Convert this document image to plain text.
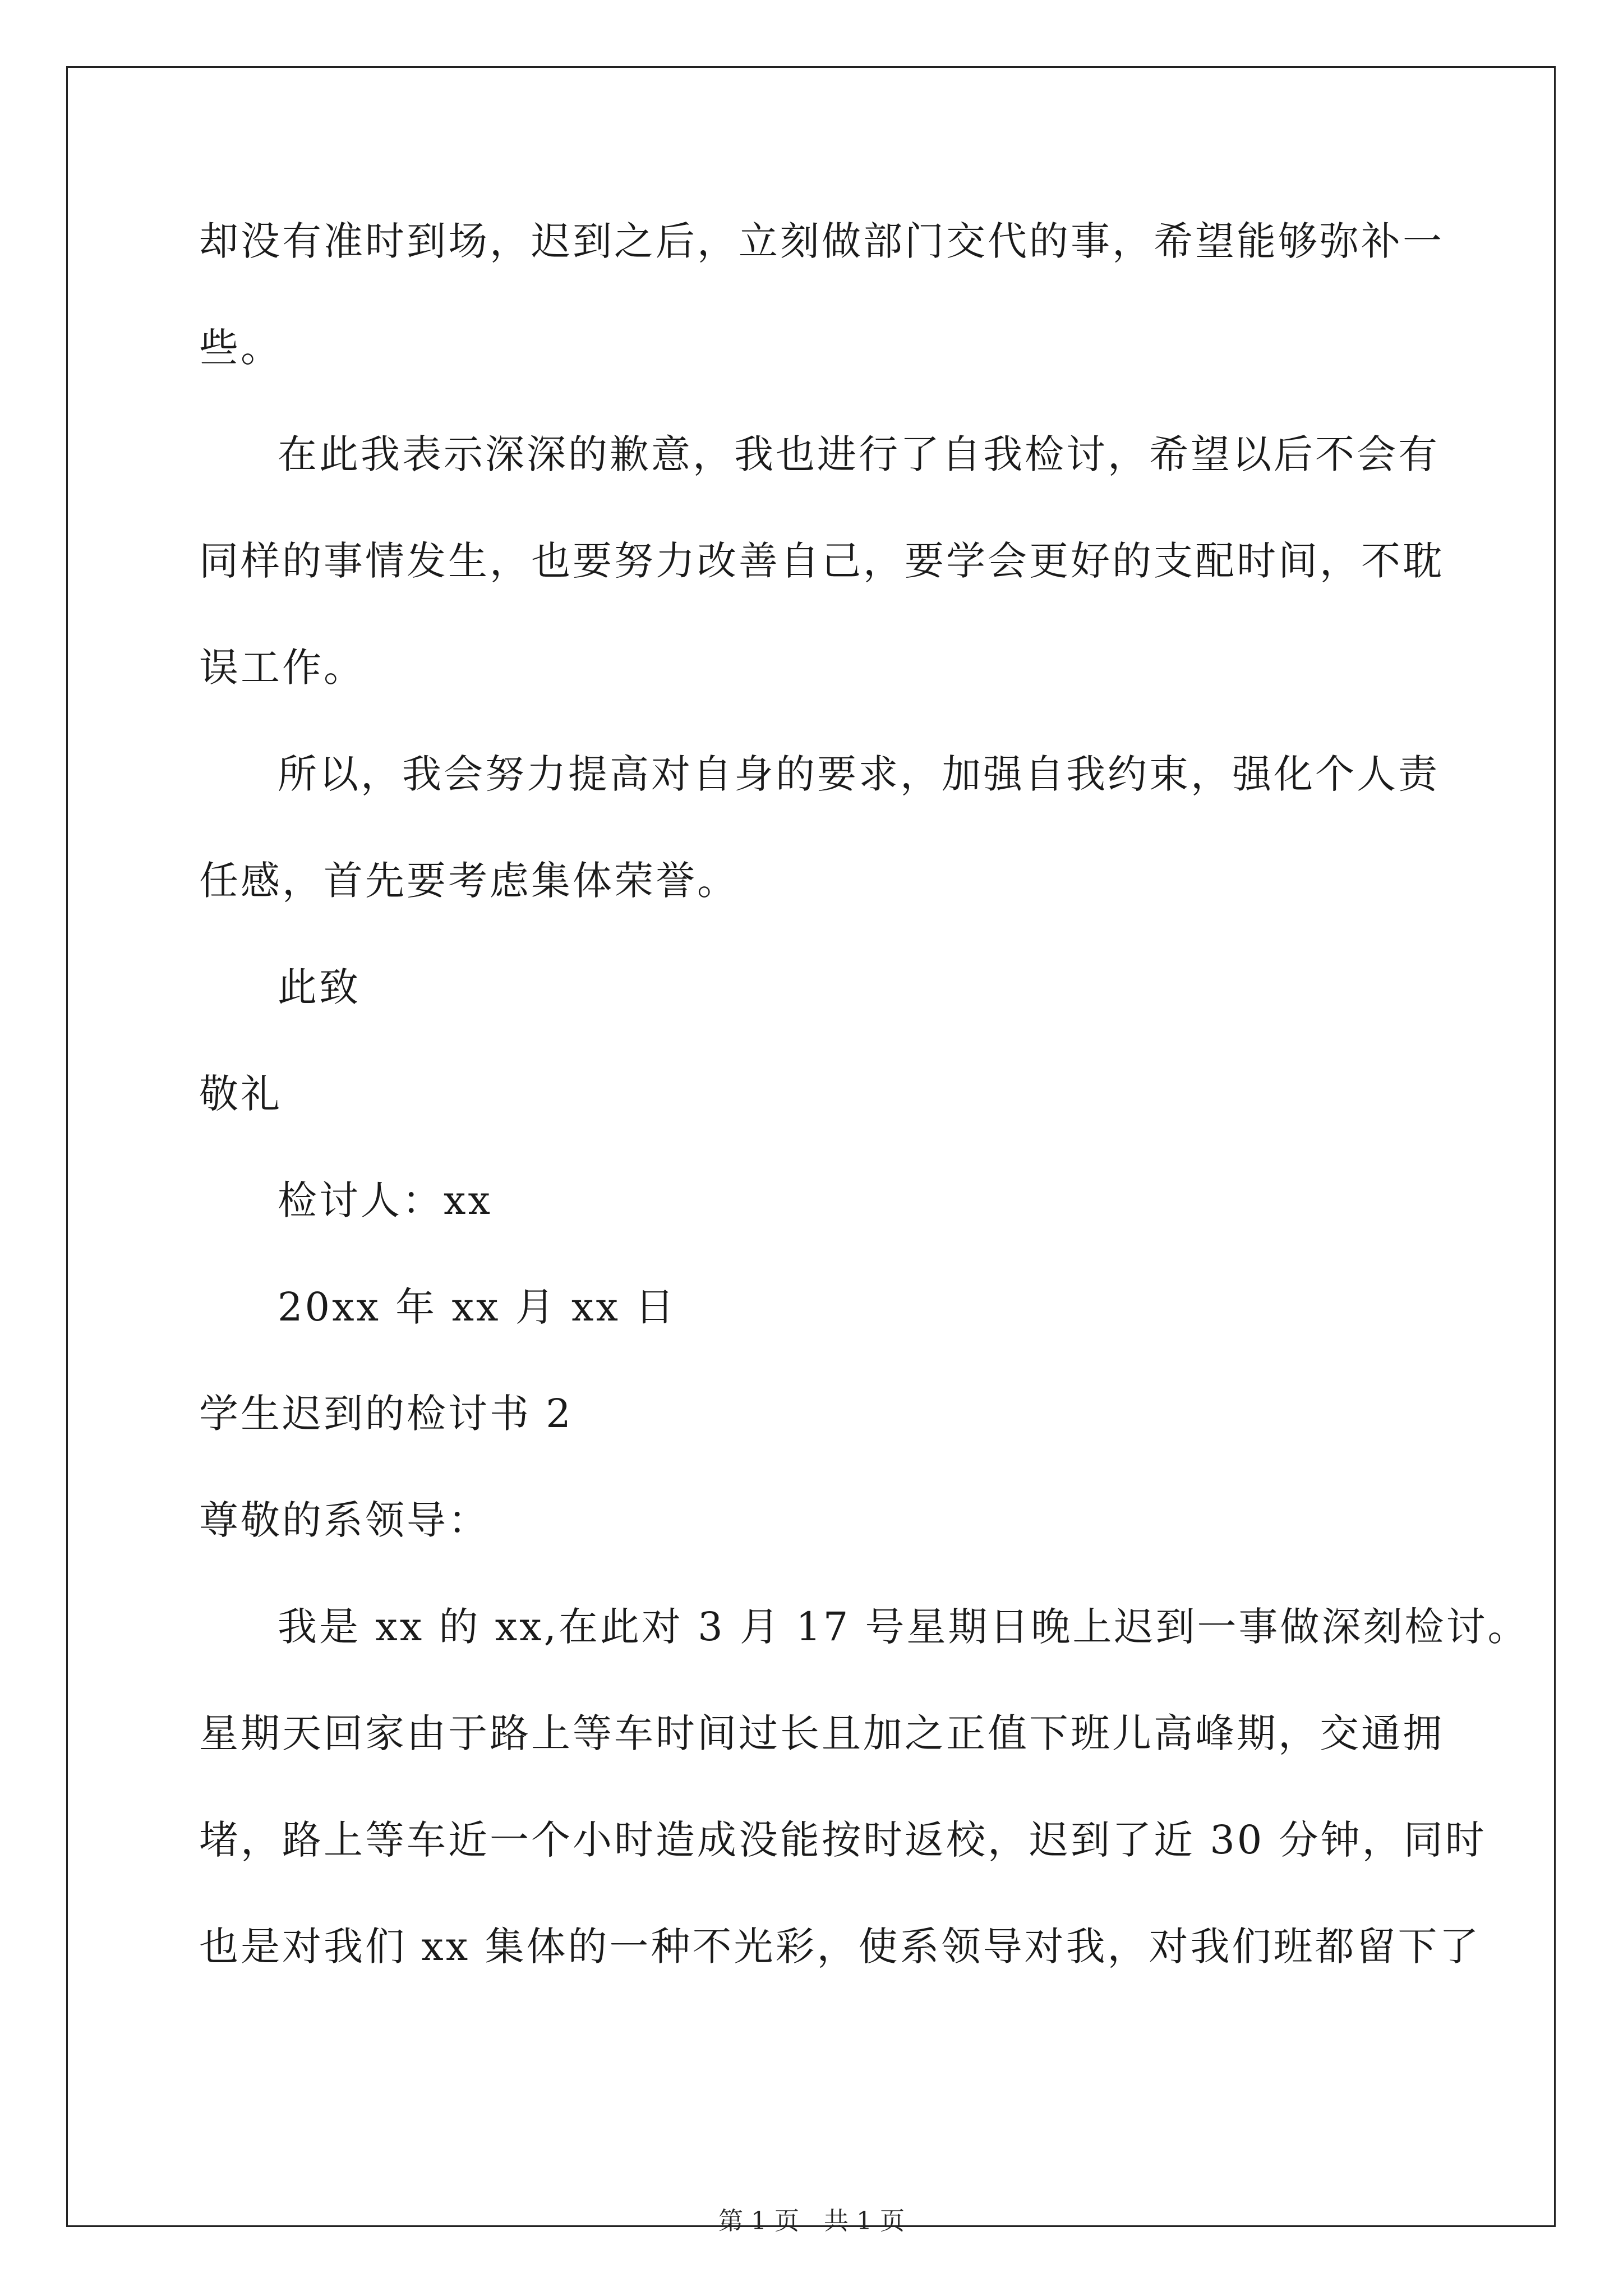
却没有准时到场，迟到之后，立刻做部门交代的事，希望能够弥补一
些。
在此我表示深深的歉意，我也进行了自我检讨，希望以后不会有
同样的事情发生，也要努力改善自己，要学会更好的支配时间，不耽
误工作。
所以，我会努力提高对自身的要求，加强自我约束，强化个人责
任感，首先要考虑集体荣誉。
此致
敬礼
检讨人：xx
20xx 年 xx 月 xx 日
学生迟到的检讨书 2
尊敬的系领导：
我是 xx 的 xx,在此对 3 月 17 号星期日晚上迟到一事做深刻检讨。
星期天回家由于路上等车时间过长且加之正值下班儿高峰期，交通拥
堵，路上等车近一个小时造成没能按时返校，迟到了近 30 分钟，同时
也是对我们 xx 集体的一种不光彩，使系领导对我，对我们班都留下了
第 1 页　共 1 页
